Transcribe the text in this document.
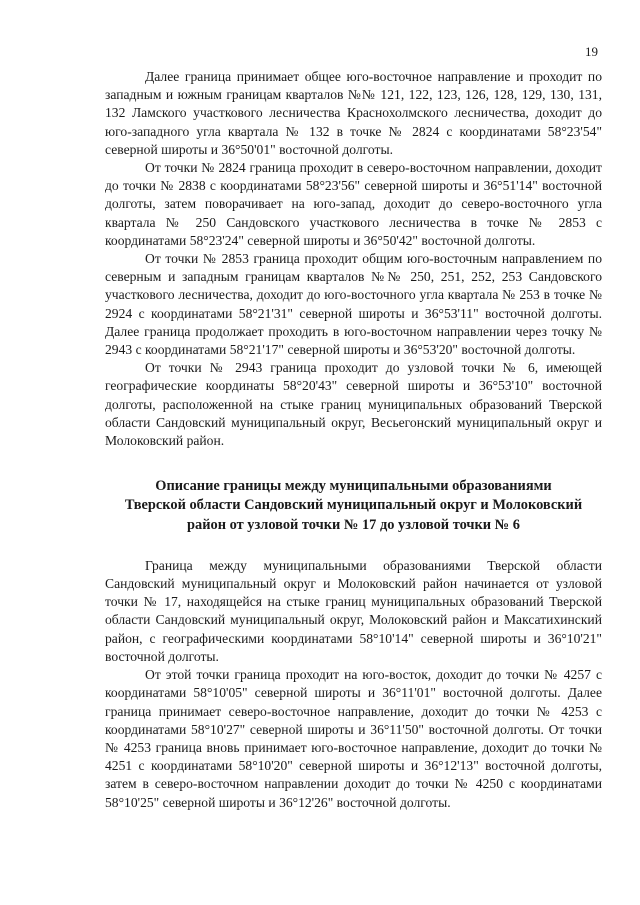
19

Далее граница принимает общее юго-восточное направление и проходит по западным и южным границам кварталов №№ 121, 122, 123, 126, 128, 129, 130, 131, 132 Ламского участкового лесничества Краснохолмского лесничества, доходит до юго-западного угла квартала № 132 в точке № 2824 с координатами 58°23'54" северной широты и 36°50'01" восточной долготы.

От точки № 2824 граница проходит в северо-восточном направлении, доходит до точки № 2838 с координатами 58°23'56" северной широты и 36°51'14" восточной долготы, затем поворачивает на юго-запад, доходит до северо-восточного угла квартала № 250 Сандовского участкового лесничества в точке № 2853 с координатами 58°23'24" северной широты и 36°50'42" восточной долготы.

От точки № 2853 граница проходит общим юго-восточным направлением по северным и западным границам кварталов №№ 250, 251, 252, 253 Сандовского участкового лесничества, доходит до юго-восточного угла квартала № 253 в точке № 2924 с координатами 58°21'31" северной широты и 36°53'11" восточной долготы. Далее граница продолжает проходить в юго-восточном направлении через точку № 2943 с координатами 58°21'17" северной широты и 36°53'20" восточной долготы.

От точки № 2943 граница проходит до узловой точки № 6, имеющей географические координаты 58°20'43" северной широты и 36°53'10" восточной долготы, расположенной на стыке границ муниципальных образований Тверской области Сандовский муниципальный округ, Весьегонский муниципальный округ и Молоковский район.

Описание границы между муниципальными образованиями
Тверской области Сандовский муниципальный округ и Молоковский
район от узловой точки № 17 до узловой точки № 6

Граница между муниципальными образованиями Тверской области Сандовский муниципальный округ и Молоковский район начинается от узловой точки № 17, находящейся на стыке границ муниципальных образований Тверской области Сандовский муниципальный округ, Молоковский район и Максатихинский район, с географическими координатами 58°10'14" северной широты и 36°10'21" восточной долготы.

От этой точки граница проходит на юго-восток, доходит до точки № 4257 с координатами 58°10'05" северной широты и 36°11'01" восточной долготы. Далее граница принимает северо-восточное направление, доходит до точки № 4253 с координатами 58°10'27" северной широты и 36°11'50" восточной долготы. От точки № 4253 граница вновь принимает юго-восточное направление, доходит до точки № 4251 с координатами 58°10'20" северной широты и 36°12'13" восточной долготы, затем в северо-восточном направлении доходит до точки № 4250 с координатами 58°10'25" северной широты и 36°12'26" восточной долготы.
